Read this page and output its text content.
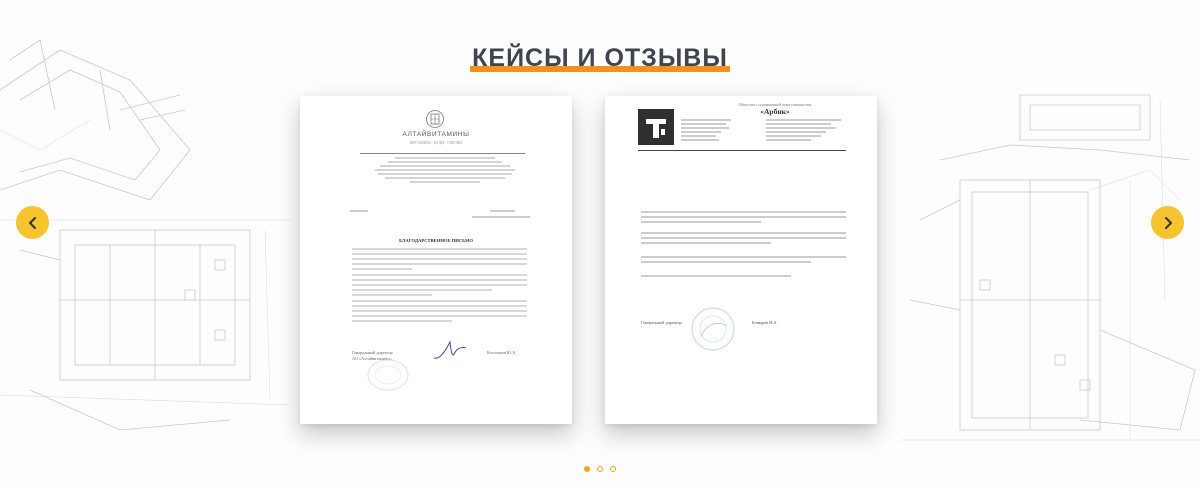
КЕЙСЫ И ОТЗЫВЫ
АЛТАЙВИТАМИНЫ
ВИТАМИНЫ · БАДЫ · СИРОПЫ
БЛАГОДАРСТВЕННОЕ ПИСЬМО
Генеральный директор
АО «Алтайвитамины»
Косолапов Ю.А.
Общество с ограниченной ответственностью
«Арбик»
Генеральный директор	Бовкарев И.А.
